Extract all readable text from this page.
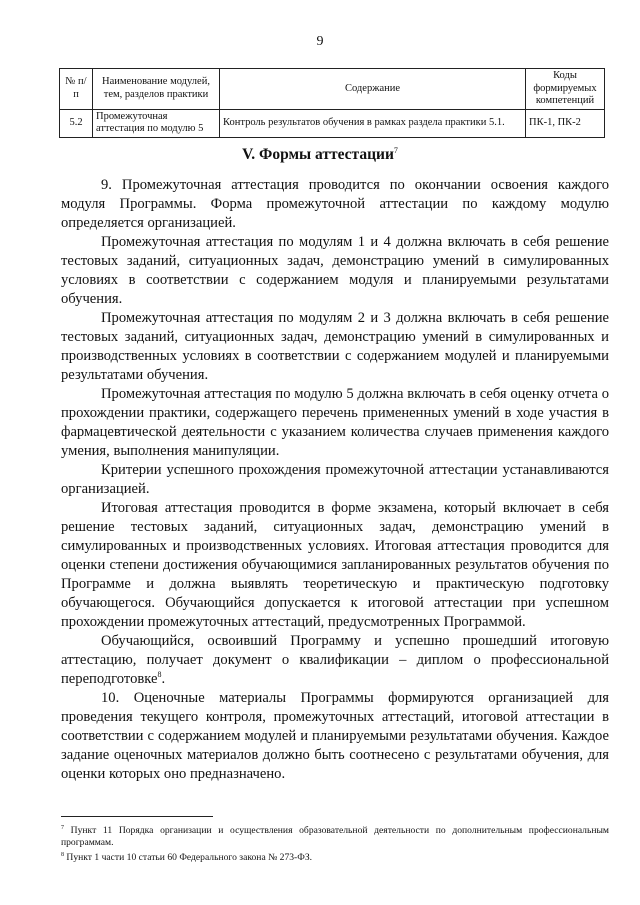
9
№ п/п	Наименование модулей, тем, разделов практики	Содержание	Коды формируемых компетенций
5.2	Промежуточная аттестация по модулю 5	Контроль результатов обучения в рамках раздела практики 5.1.	ПК-1, ПК-2
V. Формы аттестации$^7$

9. Промежуточная аттестация проводится по окончании освоения каждого модуля Программы. Форма промежуточной аттестации по каждому модулю определяется организацией.

Промежуточная аттестация по модулям 1 и 4 должна включать в себя решение тестовых заданий, ситуационных задач, демонстрацию умений в симулированных условиях в соответствии с содержанием модуля и планируемыми результатами обучения.

Промежуточная аттестация по модулям 2 и 3 должна включать в себя решение тестовых заданий, ситуационных задач, демонстрацию умений в симулированных и производственных условиях в соответствии с содержанием модулей и планируемыми результатами обучения.

Промежуточная аттестация по модулю 5 должна включать в себя оценку отчета о прохождении практики, содержащего перечень примененных умений в ходе участия в фармацевтической деятельности с указанием количества случаев применения каждого умения, выполнения манипуляции.

Критерии успешного прохождения промежуточной аттестации устанавливаются организацией.

Итоговая аттестация проводится в форме экзамена, который включает в себя решение тестовых заданий, ситуационных задач, демонстрацию умений в симулированных и производственных условиях. Итоговая аттестация проводится для оценки степени достижения обучающимися запланированных результатов обучения по Программе и должна выявлять теоретическую и практическую подготовку обучающегося. Обучающийся допускается к итоговой аттестации при успешном прохождении промежуточных аттестаций, предусмотренных Программой.

Обучающийся, освоивший Программу и успешно прошедший итоговую аттестацию, получает документ о квалификации – диплом о профессиональной переподготовке$^8$.

10. Оценочные материалы Программы формируются организацией для проведения текущего контроля, промежуточных аттестаций, итоговой аттестации в соответствии с содержанием модулей и планируемыми результатами обучения. Каждое задание оценочных материалов должно быть соотнесено с результатами обучения, для оценки которых оно предназначено.

$^7$ Пункт 11 Порядка организации и осуществления образовательной деятельности по дополнительным профессиональным программам.

$^8$ Пункт 1 части 10 статьи 60 Федерального закона № 273-ФЗ.
